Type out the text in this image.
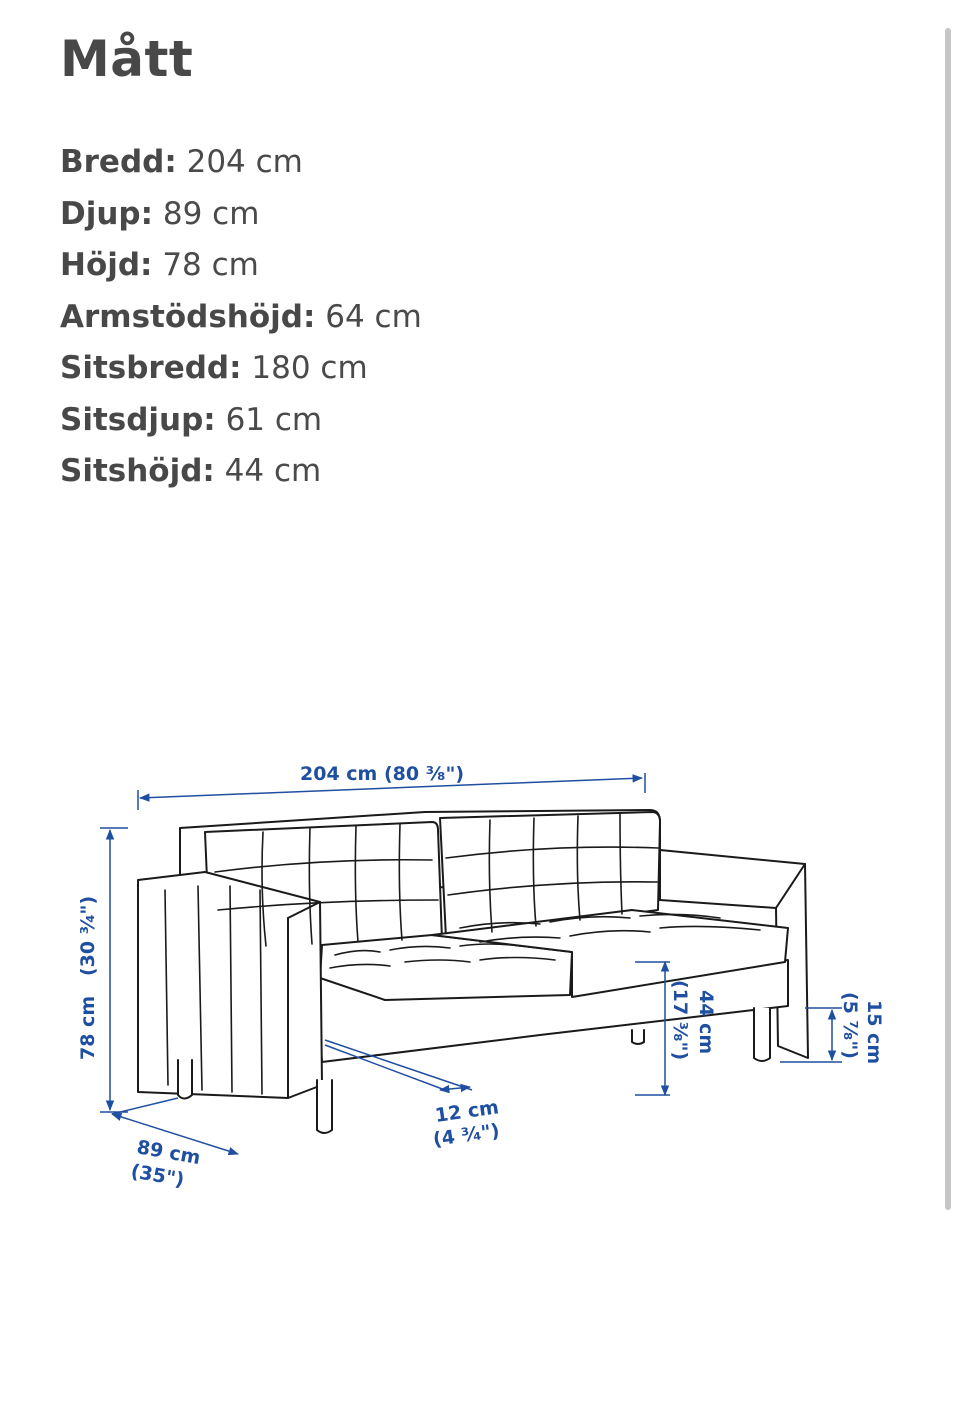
Mått
Bredd: 204 cm
Djup: 89 cm
Höjd: 78 cm
Armstödshöjd: 64 cm
Sitsbredd: 180 cm
Sitsdjup: 61 cm
Sitshöjd: 44 cm
204 cm (80 ³⁄₈")
78 cm
(30 ³⁄₄")
89 cm
(35")
12 cm
(4 ³⁄₄")
44 cm
(17 ³⁄₈")	15 cm
(5 ⁷⁄₈")
